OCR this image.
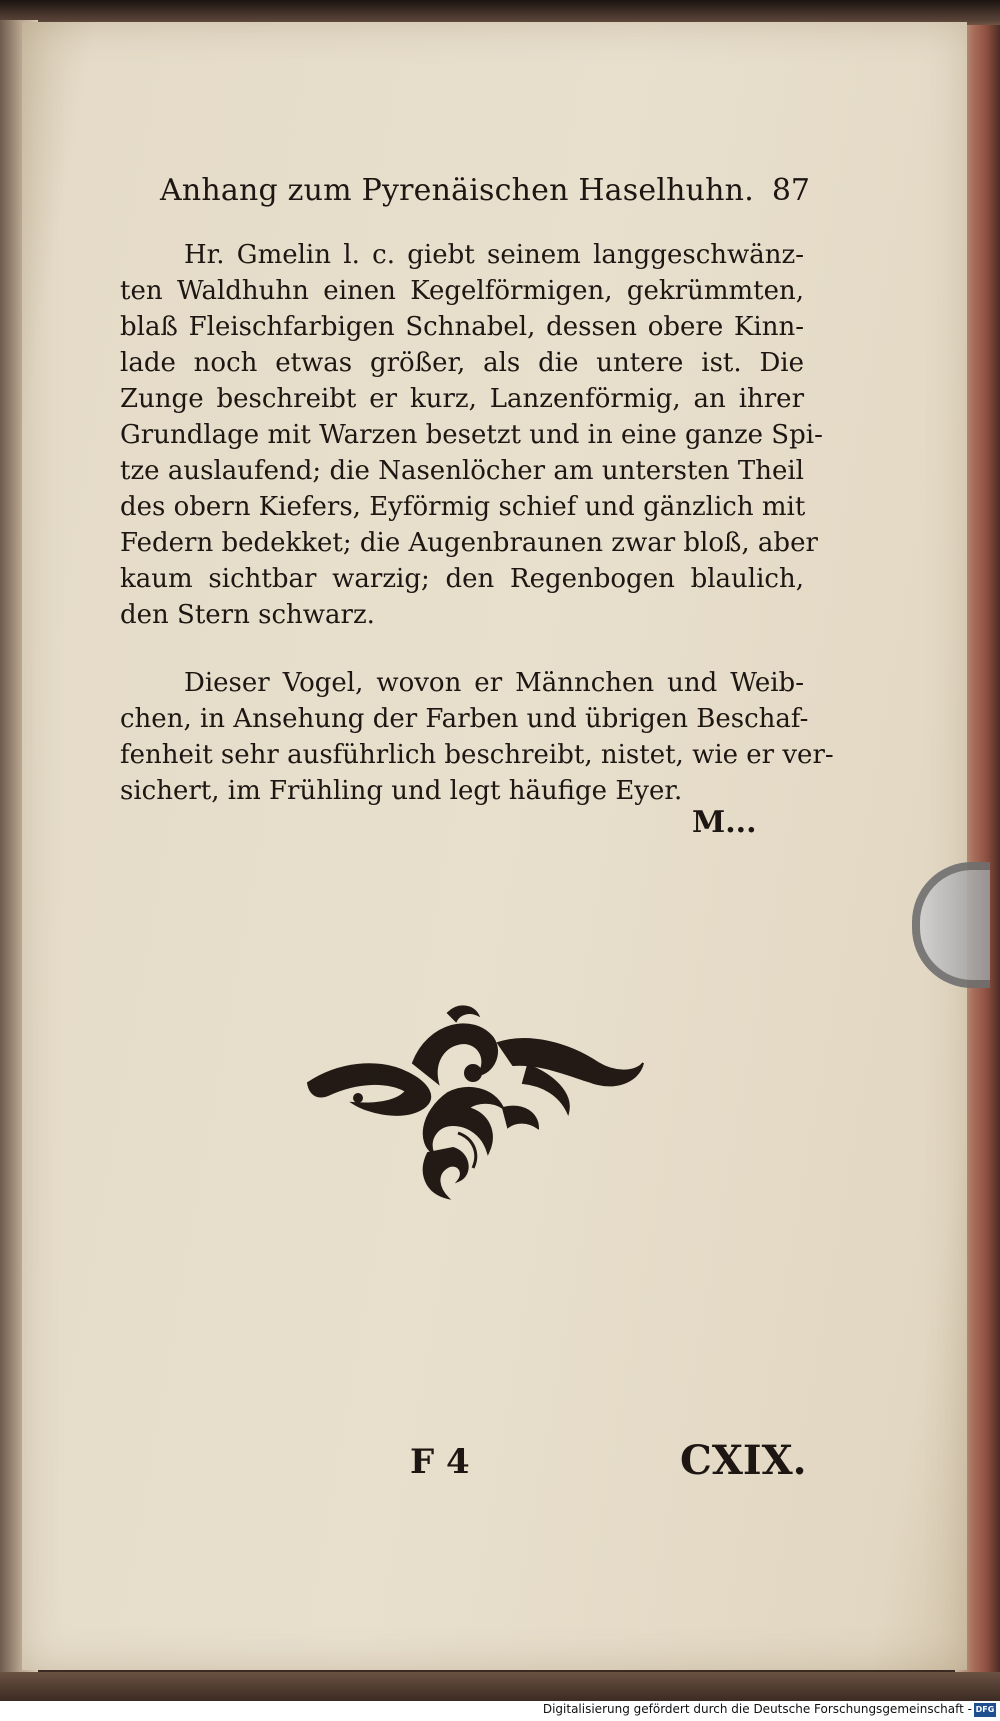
Anhang zum Pyrenäischen Haselhuhn. 87
Hr. Gmelin l. c. giebt seinem langgeschwänz-
ten Waldhuhn einen Kegelförmigen, gekrümmten,
blaß Fleischfarbigen Schnabel, dessen obere Kinn-
lade noch etwas größer, als die untere ist. Die
Zunge beschreibt er kurz, Lanzenförmig, an ihrer
Grundlage mit Warzen besetzt und in eine ganze Spi-
tze auslaufend; die Nasenlöcher am untersten Theil
des obern Kiefers, Eyförmig schief und gänzlich mit
Federn bedekket; die Augenbraunen zwar bloß, aber
kaum sichtbar warzig; den Regenbogen blaulich,
den Stern schwarz.
Dieser Vogel, wovon er Männchen und Weib-
chen, in Ansehung der Farben und übrigen Beschaf-
fenheit sehr ausführlich beschreibt, nistet, wie er ver-
sichert, im Frühling und legt häufige Eyer.
M...
F 4	CXIX.
Digitalisierung gefördert durch die Deutsche Forschungsgemeinschaft - DFG
